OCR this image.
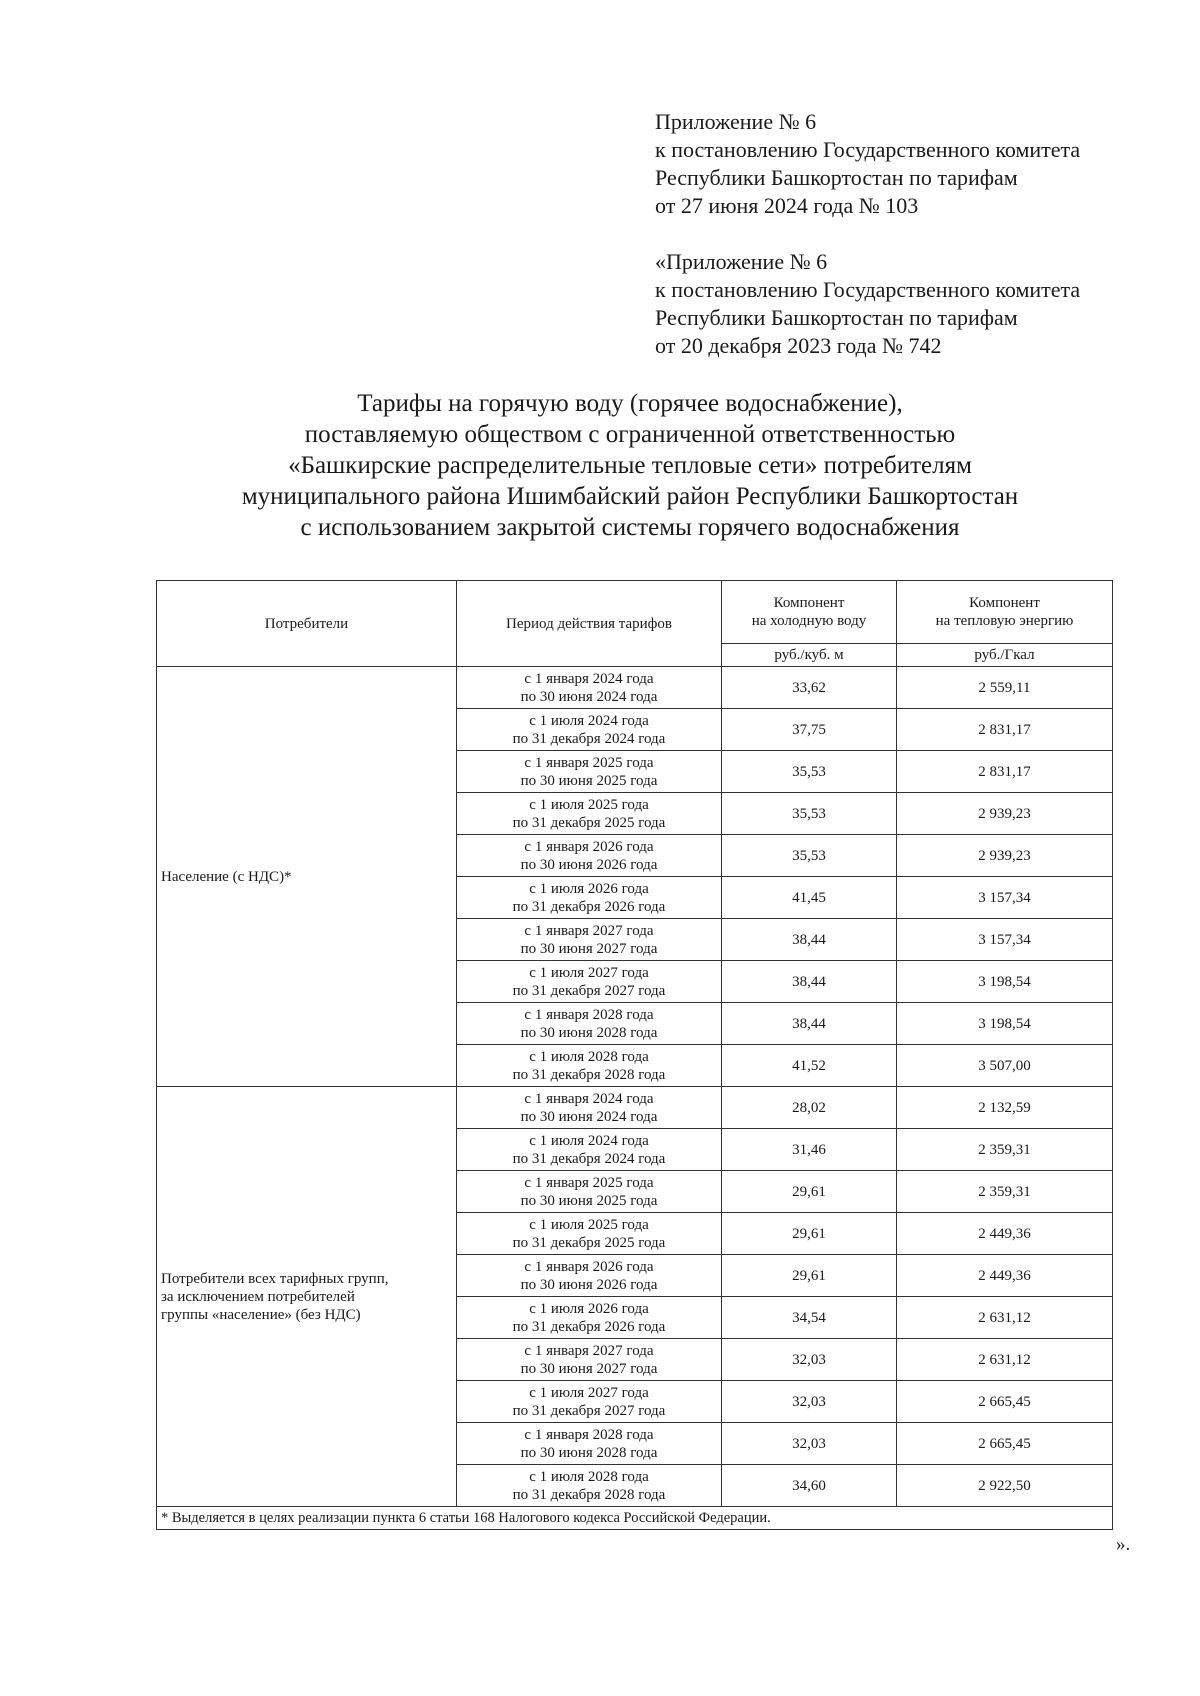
Приложение № 6
к постановлению Государственного комитета
Республики Башкортостан по тарифам
от 27 июня 2024 года № 103
«Приложение № 6
к постановлению Государственного комитета
Республики Башкортостан по тарифам
от 20 декабря 2023 года № 742
Тарифы на горячую воду (горячее водоснабжение),
поставляемую обществом с ограниченной ответственностью
«Башкирские распределительные тепловые сети» потребителям
муниципального района Ишимбайский район Республики Башкортостан
с использованием закрытой системы горячего водоснабжения
Потребители	Период действия тарифов	Компонент
на холодную воду	Компонент
на тепловую энергию

		руб./куб. м	руб./Гкал

Население (с НДС)*	с 1 января 2024 года
по 30 июня 2024 года	33,62	2 559,11

	с 1 июля 2024 года
по 31 декабря 2024 года	37,75	2 831,17

	с 1 января 2025 года
по 30 июня 2025 года	35,53	2 831,17

	с 1 июля 2025 года
по 31 декабря 2025 года	35,53	2 939,23

	с 1 января 2026 года
по 30 июня 2026 года	35,53	2 939,23

	с 1 июля 2026 года
по 31 декабря 2026 года	41,45	3 157,34

	с 1 января 2027 года
по 30 июня 2027 года	38,44	3 157,34

	с 1 июля 2027 года
по 31 декабря 2027 года	38,44	3 198,54

	с 1 января 2028 года
по 30 июня 2028 года	38,44	3 198,54

	с 1 июля 2028 года
по 31 декабря 2028 года	41,52	3 507,00

Потребители всех тарифных групп,
за исключением потребителей
группы «население» (без НДС)	с 1 января 2024 года
по 30 июня 2024 года	28,02	2 132,59

	с 1 июля 2024 года
по 31 декабря 2024 года	31,46	2 359,31

	с 1 января 2025 года
по 30 июня 2025 года	29,61	2 359,31

	с 1 июля 2025 года
по 31 декабря 2025 года	29,61	2 449,36

	с 1 января 2026 года
по 30 июня 2026 года	29,61	2 449,36

	с 1 июля 2026 года
по 31 декабря 2026 года	34,54	2 631,12

	с 1 января 2027 года
по 30 июня 2027 года	32,03	2 631,12

	с 1 июля 2027 года
по 31 декабря 2027 года	32,03	2 665,45

	с 1 января 2028 года
по 30 июня 2028 года	32,03	2 665,45

	с 1 июля 2028 года
по 31 декабря 2028 года	34,60	2 922,50
* Выделяется в целях реализации пункта 6 статьи 168 Налогового кодекса Российской Федерации.			
».
